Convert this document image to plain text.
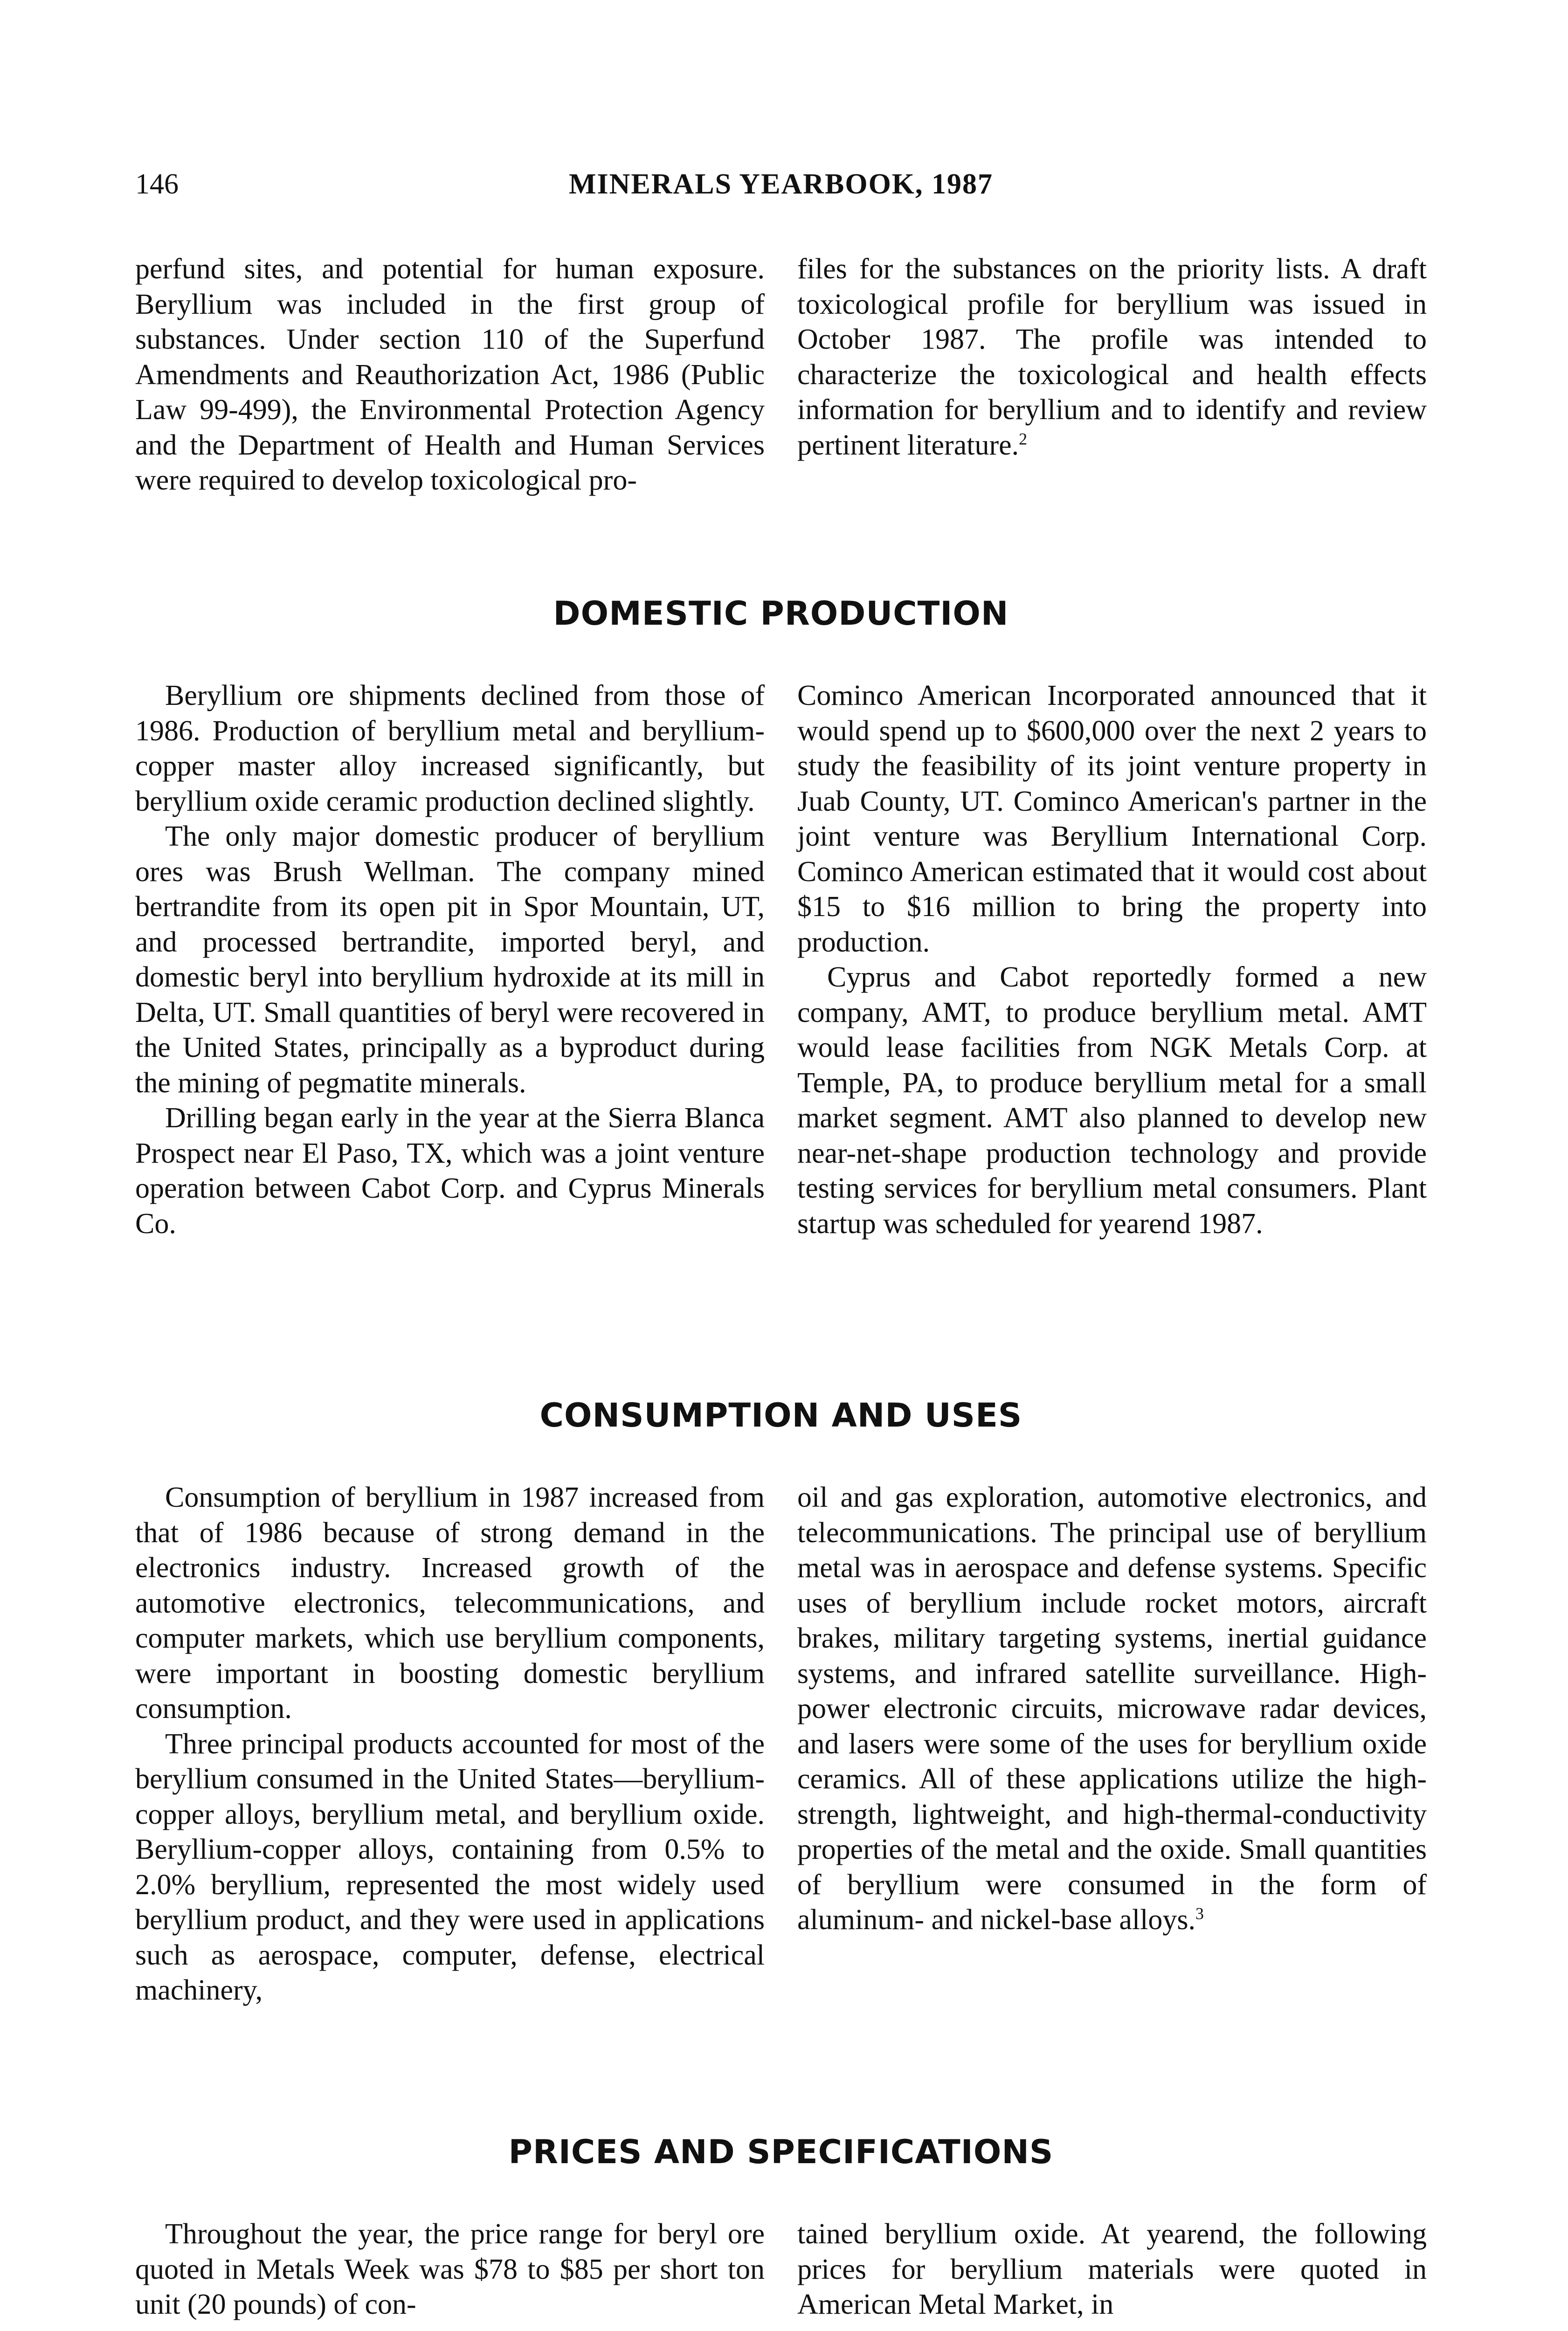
146	MINERALS YEARBOOK, 1987

perfund sites, and potential for human exposure. Beryllium was included in the first group of substances. Under section 110 of the Superfund Amendments and Reauthorization Act, 1986 (Public Law 99-499), the Environmental Protection Agency and the Department of Health and Human Services were required to develop toxicological pro-

files for the substances on the priority lists. A draft toxicological profile for beryllium was issued in October 1987. The profile was intended to characterize the toxicological and health effects information for beryllium and to identify and review pertinent literature.$^2$

DOMESTIC PRODUCTION

Beryllium ore shipments declined from those of 1986. Production of beryllium metal and beryllium-copper master alloy increased significantly, but beryllium oxide ceramic production declined slightly.

The only major domestic producer of beryllium ores was Brush Wellman. The company mined bertrandite from its open pit in Spor Mountain, UT, and processed bertrandite, imported beryl, and domestic beryl into beryllium hydroxide at its mill in Delta, UT. Small quantities of beryl were recovered in the United States, principally as a byproduct during the mining of pegmatite minerals.

Drilling began early in the year at the Sierra Blanca Prospect near El Paso, TX, which was a joint venture operation between Cabot Corp. and Cyprus Minerals Co.

Cominco American Incorporated announced that it would spend up to $600,000 over the next 2 years to study the feasibility of its joint venture property in Juab County, UT. Cominco American's partner in the joint venture was Beryllium International Corp. Cominco American estimated that it would cost about $15 to $16 million to bring the property into production.

Cyprus and Cabot reportedly formed a new company, AMT, to produce beryllium metal. AMT would lease facilities from NGK Metals Corp. at Temple, PA, to produce beryllium metal for a small market segment. AMT also planned to develop new near-net-shape production technology and provide testing services for beryllium metal consumers. Plant startup was scheduled for yearend 1987.

CONSUMPTION AND USES

Consumption of beryllium in 1987 increased from that of 1986 because of strong demand in the electronics industry. Increased growth of the automotive electronics, telecommunications, and computer markets, which use beryllium components, were important in boosting domestic beryllium consumption.

Three principal products accounted for most of the beryllium consumed in the United States—beryllium-copper alloys, beryllium metal, and beryllium oxide. Beryllium-copper alloys, containing from 0.5% to 2.0% beryllium, represented the most widely used beryllium product, and they were used in applications such as aerospace, computer, defense, electrical machinery,

oil and gas exploration, automotive electronics, and telecommunications. The principal use of beryllium metal was in aerospace and defense systems. Specific uses of beryllium include rocket motors, aircraft brakes, military targeting systems, inertial guidance systems, and infrared satellite surveillance. High-power electronic circuits, microwave radar devices, and lasers were some of the uses for beryllium oxide ceramics. All of these applications utilize the high-strength, lightweight, and high-thermal-conductivity properties of the metal and the oxide. Small quantities of beryllium were consumed in the form of aluminum- and nickel-base alloys.$^3$

PRICES AND SPECIFICATIONS

Throughout the year, the price range for beryl ore quoted in Metals Week was $78 to $85 per short ton unit (20 pounds) of con-

tained beryllium oxide. At yearend, the following prices for beryllium materials were quoted in American Metal Market, in
